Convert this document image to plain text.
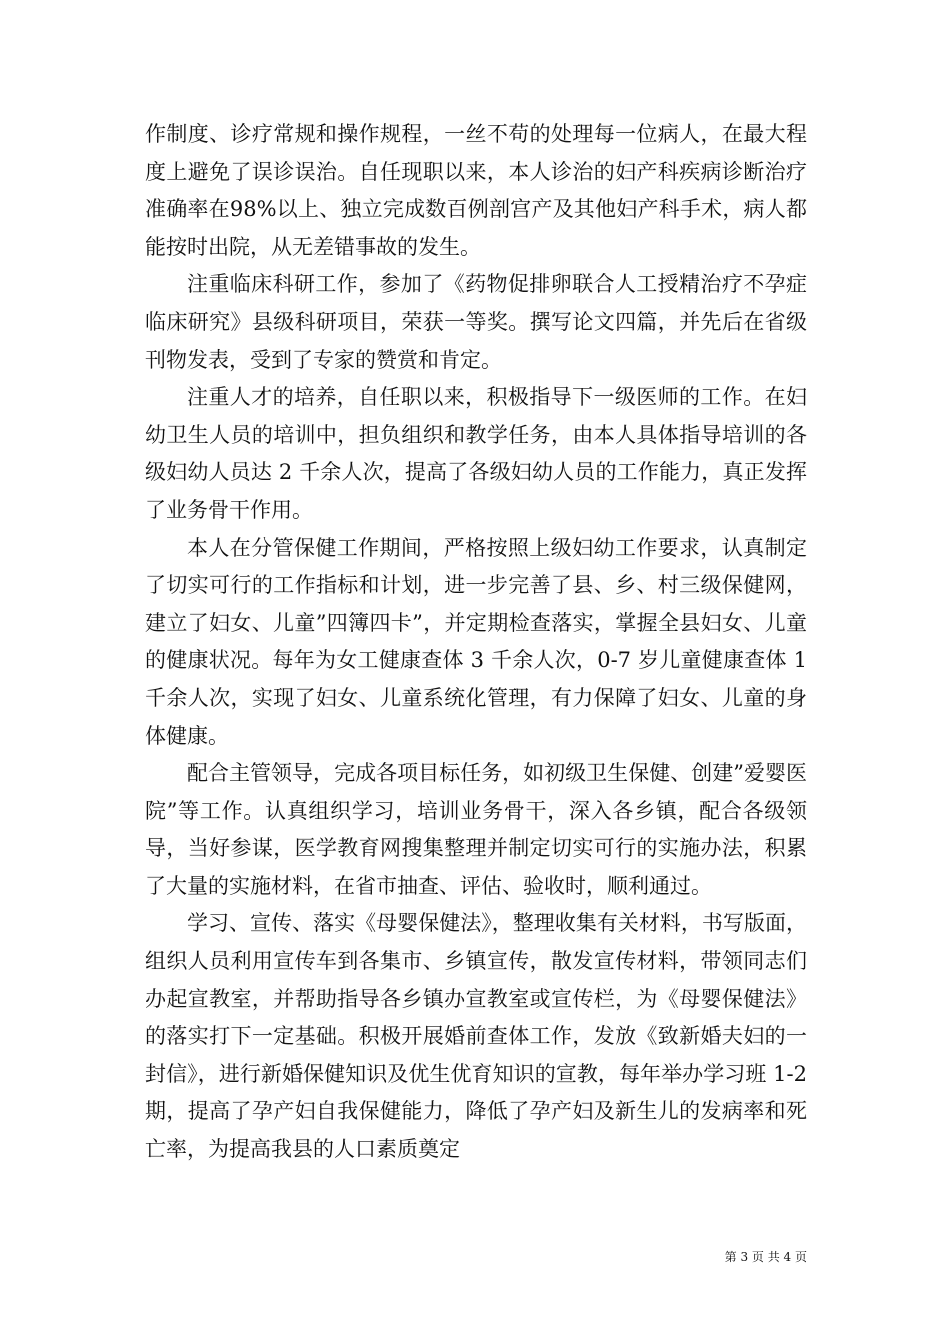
作制度、诊疗常规和操作规程，一丝不苟的处理每一位病人，在最大程度上避免了误诊误治。自任现职以来，本人诊治的妇产科疾病诊断治疗准确率在98%以上、独立完成数百例剖宫产及其他妇产科手术，病人都能按时出院，从无差错事故的发生。

注重临床科研工作，参加了《药物促排卵联合人工授精治疗不孕症临床研究》县级科研项目，荣获一等奖。撰写论文四篇，并先后在省级刊物发表，受到了专家的赞赏和肯定。

注重人才的培养，自任职以来，积极指导下一级医师的工作。在妇幼卫生人员的培训中，担负组织和教学任务，由本人具体指导培训的各级妇幼人员达 2 千余人次，提高了各级妇幼人员的工作能力，真正发挥了业务骨干作用。

本人在分管保健工作期间，严格按照上级妇幼工作要求，认真制定了切实可行的工作指标和计划，进一步完善了县、乡、村三级保健网，建立了妇女、儿童”四簿四卡”，并定期检查落实，掌握全县妇女、儿童的健康状况。每年为女工健康查体 3 千余人次，0-7 岁儿童健康查体 1 千余人次，实现了妇女、儿童系统化管理，有力保障了妇女、儿童的身体健康。

配合主管领导，完成各项目标任务，如初级卫生保健、创建”爱婴医院”等工作。认真组织学习，培训业务骨干，深入各乡镇，配合各级领导，当好参谋，医学教育网搜集整理并制定切实可行的实施办法，积累了大量的实施材料，在省市抽查、评估、验收时，顺利通过。

学习、宣传、落实《母婴保健法》，整理收集有关材料，书写版面，组织人员利用宣传车到各集市、乡镇宣传，散发宣传材料，带领同志们办起宣教室，并帮助指导各乡镇办宣教室或宣传栏，为《母婴保健法》的落实打下一定基础。积极开展婚前查体工作，发放《致新婚夫妇的一封信》，进行新婚保健知识及优生优育知识的宣教，每年举办学习班 1-2 期，提高了孕产妇自我保健能力，降低了孕产妇及新生儿的发病率和死亡率，为提高我县的人口素质奠定

第 3 页 共 4 页
